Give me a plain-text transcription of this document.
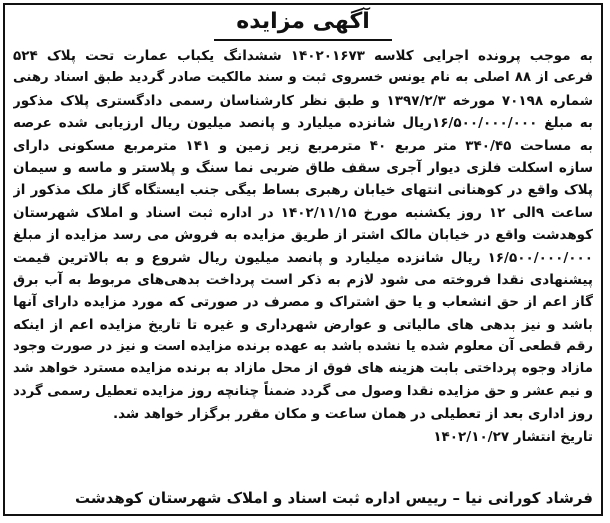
آگهی مزایده
به موجب پرونده اجرایی کلاسه ۱۴۰۲۰۱۶۷۳ ششدانگ یکباب عمارت تحت پلاک ۵۲۴
فرعی از ۸۸ اصلی به نام یونس خسروی ثبت و سند مالکیت صادر گردید طبق اسناد رهنی
شماره ۷۰۱۹۸ مورخه ۱۳۹۷/۲/۳ و طبق نظر کارشناسان رسمی دادگستری پلاک مذکور
به مبلغ ۱۶/۵۰۰/۰۰۰/۰۰۰ریال شانزده میلیارد و پانصد میلیون ریال ارزیابی شده عرصه
به مساحت ۳۴۰/۴۵ متر مربع ۴۰ مترمربع زیر زمین و ۱۴۱ مترمربع مسکونی دارای
سازه اسکلت فلزی دیوار آجری سقف طاق ضربی نما سنگ و پلاستر و ماسه و سیمان
پلاک واقع در کوهنانی انتهای خیابان رهبری بساط بیگی جنب ایستگاه گاز ملک مذکور از
ساعت ۹الی ۱۲ روز یکشنبه مورخ ۱۴۰۲/۱۱/۱۵ در اداره ثبت اسناد و املاک شهرستان
کوهدشت واقع در خیابان مالک اشتر از طریق مزایده به فروش می رسد مزایده از مبلغ
۱۶/۵۰۰/۰۰۰/۰۰۰ ریال شانزده میلیارد و پانصد میلیون ریال شروع و به بالاترین قیمت
پیشنهادی نقدا فروخته می شود لازم به ذکر است پرداخت بدهی‌های مربوط به آب برق
گاز اعم از حق انشعاب و یا حق اشتراک و مصرف در صورتی که مورد مزایده دارای آنها
باشد و نیز بدهی های مالیاتی و عوارض شهرداری و غیره تا تاریخ مزایده اعم از اینکه
رقم قطعی آن معلوم شده یا نشده باشد به عهده برنده مزایده است و نیز در صورت وجود
مازاد وجوه پرداختی بابت هزینه های فوق از محل مازاد به برنده مزایده مسترد خواهد شد
و نیم عشر و حق مزایده نقدا وصول می گردد ضمناً چنانچه روز مزایده تعطیل رسمی گردد
روز اداری بعد از تعطیلی در همان ساعت و مکان مقرر برگزار خواهد شد.
تاریخ انتشار ۱۴۰۲/۱۰/۲۷
فرشاد کورانی نیا – رییس اداره ثبت اسناد و املاک شهرستان کوهدشت
